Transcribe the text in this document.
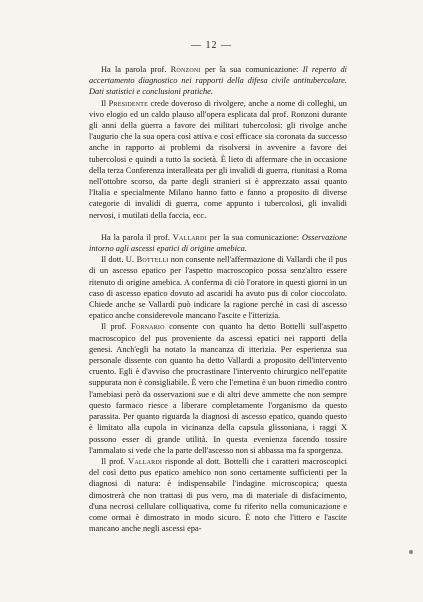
— 12 —

Ha la parola prof. Ronzoni per la sua comunicazione: Il reperto di accertamento diagnostico nei rapporti della difesa civile antitubercolare. Dati statistici e conclusioni pratiche.

Il Presidente crede doveroso di rivolgere, anche a nome di colleghi, un vivo elogio ed un caldo plauso all'opera esplicata dal prof. Ronzoni durante gli anni della guerra a favore dei militari tubercolosi: gli rivolge anche l'augurio che la sua opera così attiva e così efficace sia coronata da successo anche in rapporto ai problemi da risolversi in avvenire a favore dei tubercolosi e quindi a tutto la società. È lieto di affermare che in occasione della terza Conferenza interalleata per gli invalidi di guerra, riunitasi a Roma nell'ottobre scorso, da parte degli stranieri si è apprezzato assai quanto l'Italia e specialmente Milano hanno fatto e fanno a proposito di diverse categorie di invalidi di guerra, come appunto i tubercolosi, gli invalidi nervosi, i mutilati della faccia, ecc.

Ha la parola il prof. Vallardi per la sua comunicazione: Osservazione intorno agli ascessi epatici di origine amebica.

Il dott. U. Bottelli non consente nell'affermazione di Vallardi che il pus di un ascesso epatico per l'aspetto macroscopico possa senz'altro essere ritenuto di origine amebica. A conferma di ciò l'oratore in questi giorni in un caso di ascesso epatico dovuto ad ascaridi ha avuto pus di color cioccolato. Chiede anche se Vallardi può indicare la ragione perchè in casi di ascesso epatico anche considerevole mancano l'ascite e l'itterizia.

Il prof. Fornario consente con quanto ha detto Bottelli sull'aspetto macroscopico del pus proveniente da ascessi epatici nei rapporti della genesi. Anch'egli ha notato la mancanza di itterizia. Per esperienza sua personale dissente con quanto ha detto Vallardi a proposito dell'intervento cruento. Egli è d'avviso che procrastinare l'intervento chirurgico nell'epatite suppurata non è consigliabile. È vero che l'emetina è un buon rimedio contro l'amebiasi però da osservazioni sue e di altri deve ammette che non sempre questo farmaco riesce a liberare completamente l'organismo da questo parassita. Per quanto riguarda la diagnosi di ascesso epatico, quando questo è limitato alla cupola in vicinanza della capsula glissoniana, i raggi X possono esser di grande utilità. In questa evenienza facendo tossire l'ammalato si vede che la parte dell'ascesso non si abbassa ma fa sporgenza.

Il prof. Vallardi risponde al dott. Bottelli che i caratteri macroscopici del così detto pus epatico amebico non sono certamente sufficienti per la diagnosi di natura: è indispensabile l'indagine microscopica; questa dimostrerà che non trattasi di pus vero, ma di materiale di disfacimento, d'una necrosi cellulare colliquativa, come fu riferito nella comunicazione e come ormai è dimostrato in modo sicuro. È noto che l'ittero e l'ascite mancano anche negli ascessi epa-
